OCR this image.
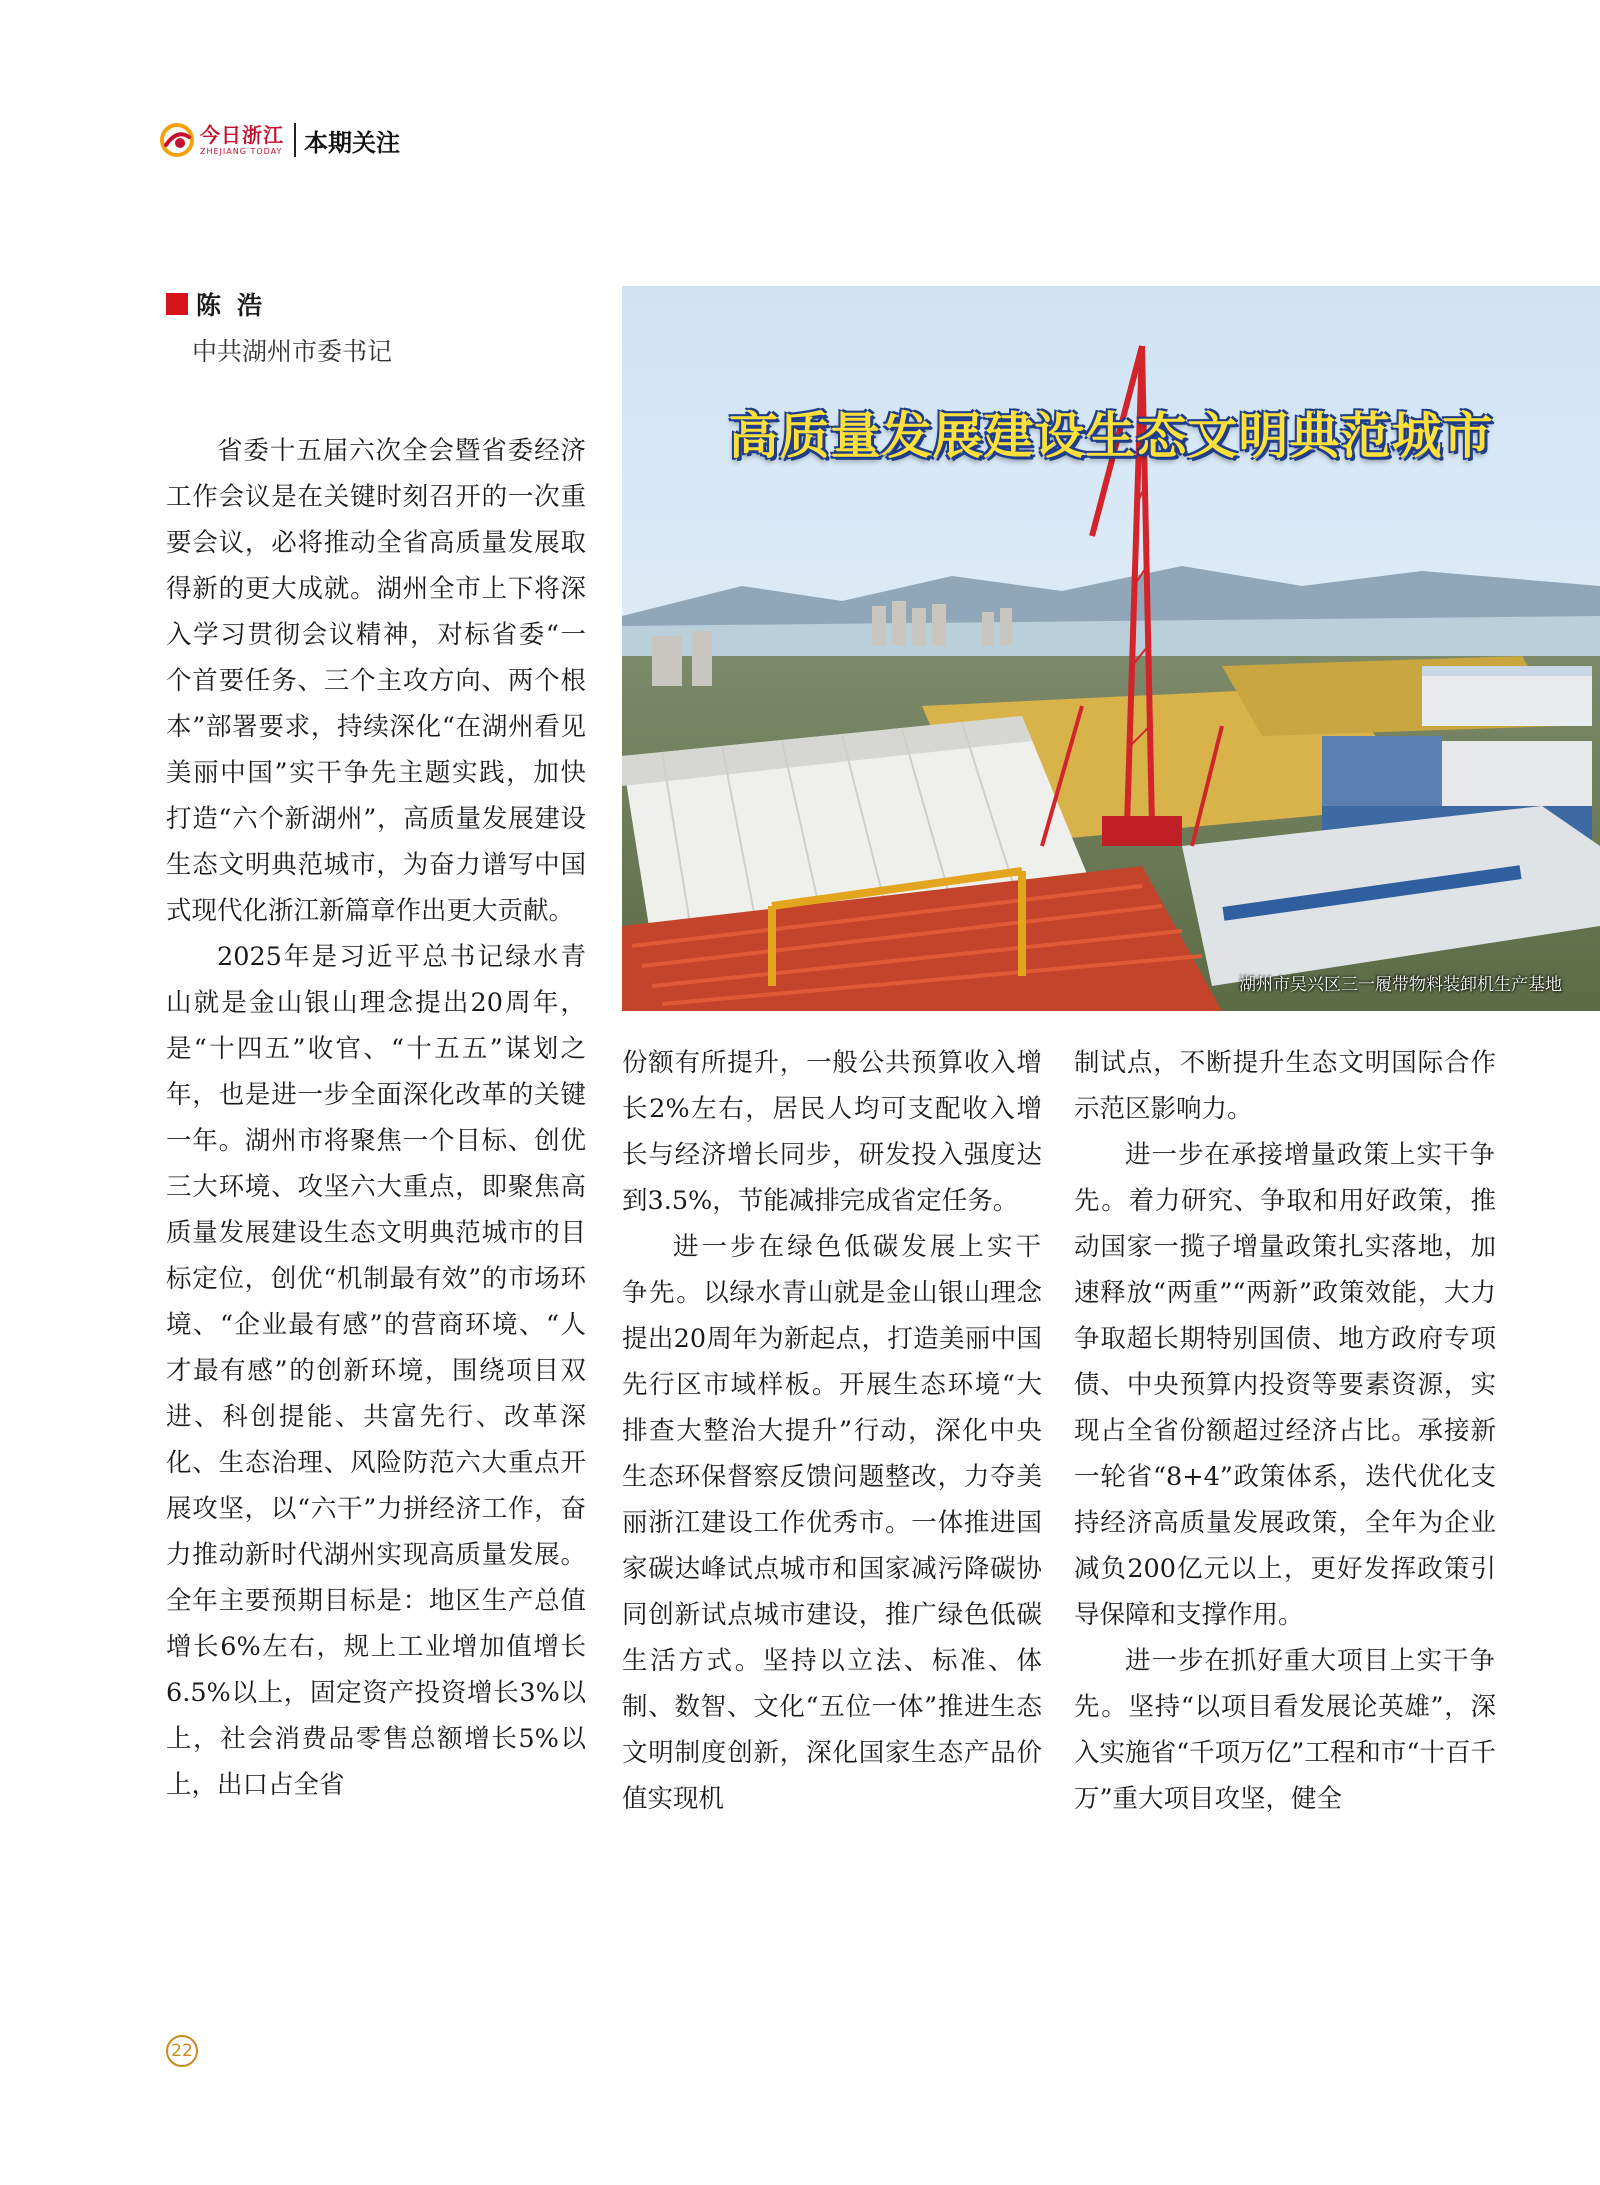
今日浙江
ZHEJIANG TODAY 本期关注
陈浩
中共湖州市委书记
高质量发展建设生态文明典范城市
湖州市吴兴区三一履带物料装卸机生产基地

省委十五届六次全会暨省委经济工作会议是在关键时刻召开的一次重要会议，必将推动全省高质量发展取得新的更大成就。湖州全市上下将深入学习贯彻会议精神，对标省委“一个首要任务、三个主攻方向、两个根本”部署要求，持续深化“在湖州看见美丽中国”实干争先主题实践，加快打造“六个新湖州”，高质量发展建设生态文明典范城市，为奋力谱写中国式现代化浙江新篇章作出更大贡献。

2025年是习近平总书记绿水青山就是金山银山理念提出20周年，是“十四五”收官、“十五五”谋划之年，也是进一步全面深化改革的关键一年。湖州市将聚焦一个目标、创优三大环境、攻坚六大重点，即聚焦高质量发展建设生态文明典范城市的目标定位，创优“机制最有效”的市场环境、“企业最有感”的营商环境、“人才最有感”的创新环境，围绕项目双进、科创提能、共富先行、改革深化、生态治理、风险防范六大重点开展攻坚，以“六干”力拼经济工作，奋力推动新时代湖州实现高质量发展。全年主要预期目标是：地区生产总值增长6%左右，规上工业增加值增长6.5%以上，固定资产投资增长3%以上，社会消费品零售总额增长5%以上，出口占全省

份额有所提升，一般公共预算收入增长2%左右，居民人均可支配收入增长与经济增长同步，研发投入强度达到3.5%，节能减排完成省定任务。

进一步在绿色低碳发展上实干争先。以绿水青山就是金山银山理念提出20周年为新起点，打造美丽中国先行区市域样板。开展生态环境“大排查大整治大提升”行动，深化中央生态环保督察反馈问题整改，力夺美丽浙江建设工作优秀市。一体推进国家碳达峰试点城市和国家减污降碳协同创新试点城市建设，推广绿色低碳生活方式。坚持以立法、标准、体制、数智、文化“五位一体”推进生态文明制度创新，深化国家生态产品价值实现机

制试点，不断提升生态文明国际合作示范区影响力。

进一步在承接增量政策上实干争先。着力研究、争取和用好政策，推动国家一揽子增量政策扎实落地，加速释放“两重”“两新”政策效能，大力争取超长期特别国债、地方政府专项债、中央预算内投资等要素资源，实现占全省份额超过经济占比。承接新一轮省“8+4”政策体系，迭代优化支持经济高质量发展政策，全年为企业减负200亿元以上，更好发挥政策引导保障和支撑作用。

进一步在抓好重大项目上实干争先。坚持“以项目看发展论英雄”，深入实施省“千项万亿”工程和市“十百千万”重大项目攻坚，健全

22
